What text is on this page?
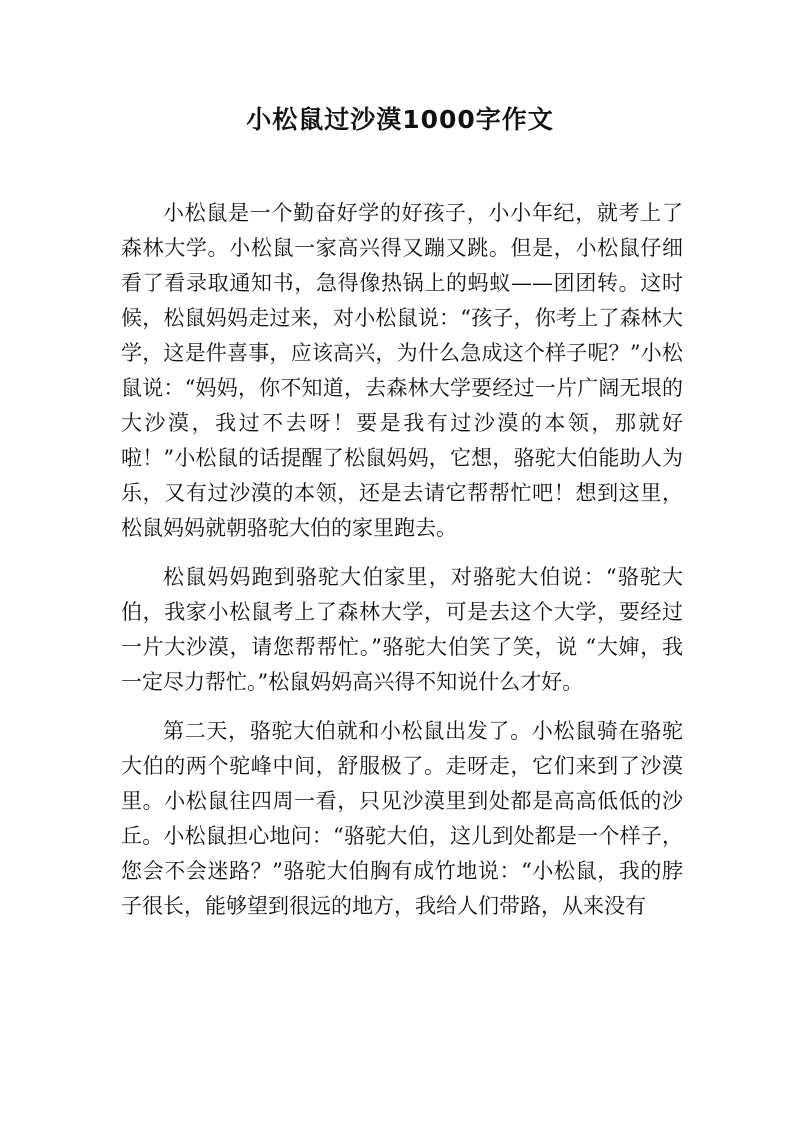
小松鼠过沙漠1000字作文

小松鼠是一个勤奋好学的好孩子，小小年纪，就考上了森林大学。小松鼠一家高兴得又蹦又跳。但是，小松鼠仔细看了看录取通知书，急得像热锅上的蚂蚁——团团转。这时候，松鼠妈妈走过来，对小松鼠说：“孩子，你考上了森林大学，这是件喜事，应该高兴，为什么急成这个样子呢？”小松鼠说：“妈妈，你不知道，去森林大学要经过一片广阔无垠的大沙漠，我过不去呀！要是我有过沙漠的本领，那就好啦！”小松鼠的话提醒了松鼠妈妈，它想，骆驼大伯能助人为乐，又有过沙漠的本领，还是去请它帮帮忙吧！想到这里，松鼠妈妈就朝骆驼大伯的家里跑去。

松鼠妈妈跑到骆驼大伯家里，对骆驼大伯说：“骆驼大伯，我家小松鼠考上了森林大学，可是去这个大学，要经过一片大沙漠，请您帮帮忙。”骆驼大伯笑了笑，说 “大婶，我一定尽力帮忙。”松鼠妈妈高兴得不知说什么才好。

第二天，骆驼大伯就和小松鼠出发了。小松鼠骑在骆驼大伯的两个驼峰中间，舒服极了。走呀走，它们来到了沙漠里。小松鼠往四周一看，只见沙漠里到处都是高高低低的沙丘。小松鼠担心地问：“骆驼大伯，这儿到处都是一个样子，您会不会迷路？”骆驼大伯胸有成竹地说：“小松鼠，我的脖子很长，能够望到很远的地方，我给人们带路，从来没有
